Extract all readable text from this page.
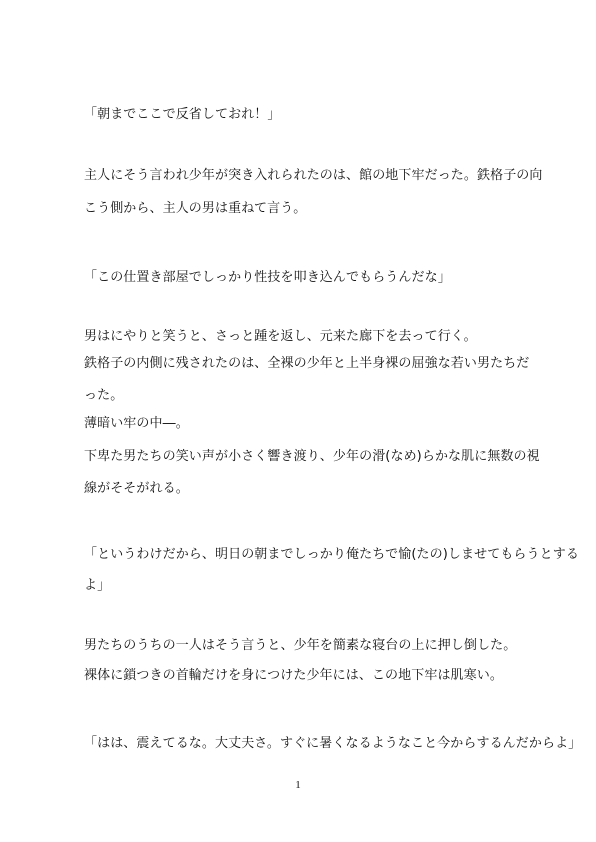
「朝までここで反省しておれ！」
主人にそう言われ少年が突き入れられたのは、館の地下牢だった。鉄格子の向
こう側から、主人の男は重ねて言う。
「この仕置き部屋でしっかり性技を叩き込んでもらうんだな」
男はにやりと笑うと、さっと踵を返し、元来た廊下を去って行く。
鉄格子の内側に残されたのは、全裸の少年と上半身裸の屈強な若い男たちだ
った。
薄暗い牢の中―。
下卑た男たちの笑い声が小さく響き渡り、少年の滑(なめ)らかな肌に無数の視
線がそそがれる。
「というわけだから、明日の朝までしっかり俺たちで愉(たの)しませてもらうとする
よ」
男たちのうちの一人はそう言うと、少年を簡素な寝台の上に押し倒した。
裸体に鎖つきの首輪だけを身につけた少年には、この地下牢は肌寒い。
「はは、震えてるな。大丈夫さ。すぐに暑くなるようなこと今からするんだからよ」
1
